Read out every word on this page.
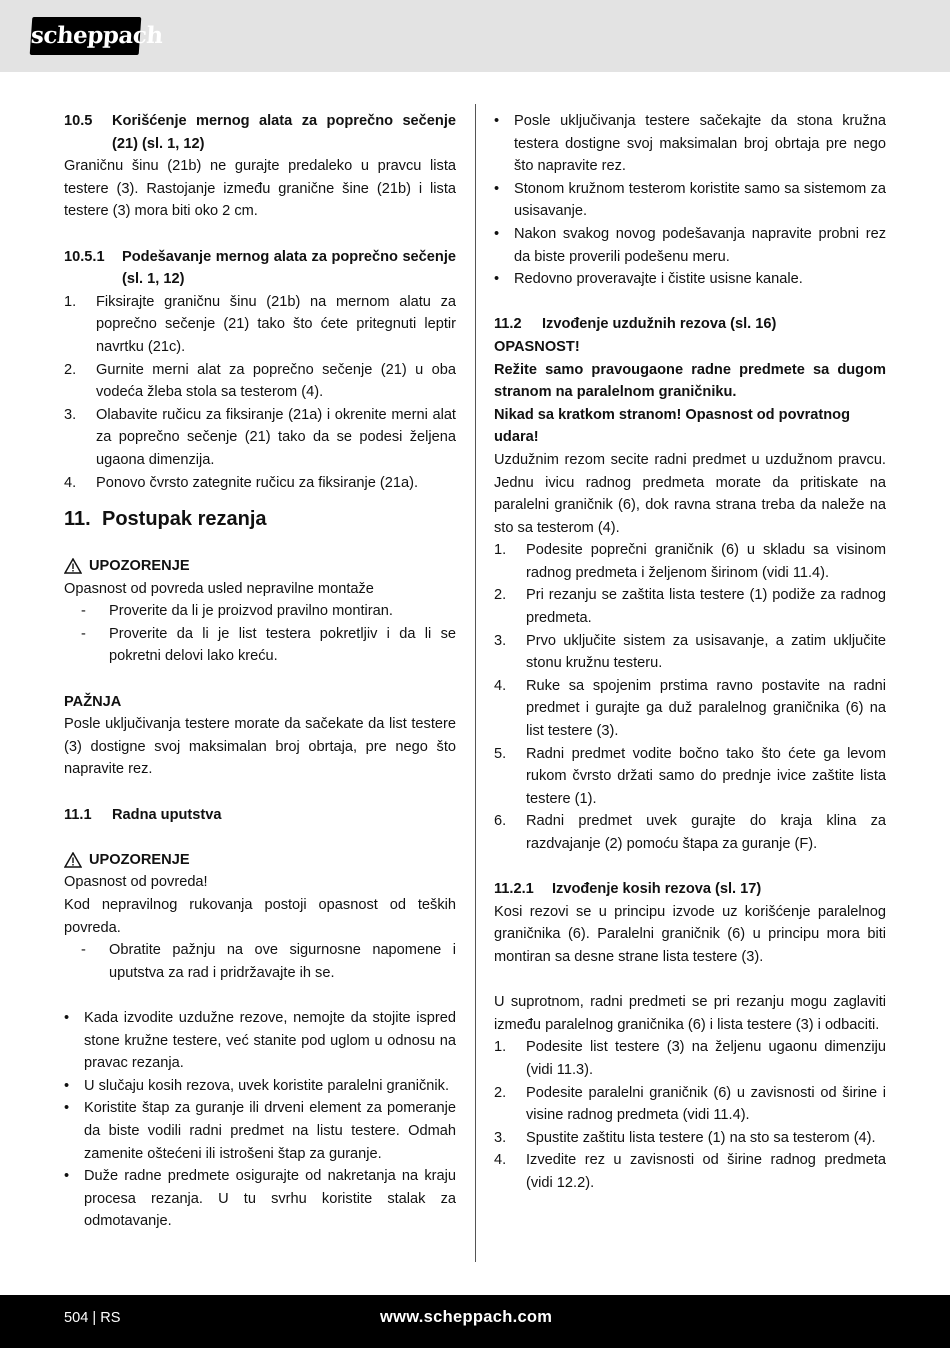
scheppach
10.5	Korišćenje mernog alata za poprečno sečenje (21) (sl. 1, 12)

Graničnu šinu (21b) ne gurajte predaleko u pravcu lista testere (3). Rastojanje između granične šine (21b) i lista testere (3) mora biti oko 2 cm.

10.5.1	Podešavanje mernog alata za poprečno sečenje (sl. 1, 12)
1.	Fiksirajte graničnu šinu (21b) na mernom alatu za poprečno sečenje (21) tako što ćete pritegnuti leptir navrtku (21c).
2.	Gurnite merni alat za poprečno sečenje (21) u oba vodeća žleba stola sa testerom (4).
3.	Olabavite ručicu za fiksiranje (21a) i okrenite merni alat za poprečno sečenje (21) tako da se podesi željena ugaona dimenzija.
4.	Ponovo čvrsto zategnite ručicu za fiksiranje (21a).
11. Postupak rezanja
UPOZORENJE

Opasnost od povreda usled nepravilne montaže

-	Proverite da li je proizvod pravilno montiran.
-	Proverite da li je list testera pokretljiv i da li se pokretni delovi lako kreću.

PAŽNJA

Posle uključivanja testere morate da sačekate da list testere (3) dostigne svoj maksimalan broj obrtaja, pre nego što napravite rez.

11.1	Radna uputstva
UPOZORENJE

Opasnost od povreda!

Kod nepravilnog rukovanja postoji opasnost od teških povreda.

-	Obratite pažnju na ove sigurnosne napomene i uputstva za rad i pridržavajte ih se.
•	Kada izvodite uzdužne rezove, nemojte da stojite ispred stone kružne testere, već stanite pod uglom u odnosu na pravac rezanja.
•	U slučaju kosih rezova, uvek koristite paralelni graničnik.
•	Koristite štap za guranje ili drveni element za pomeranje da biste vodili radni predmet na listu testere. Odmah zamenite oštećeni ili istrošeni štap za guranje.
•	Duže radne predmete osigurajte od nakretanja na kraju procesa rezanja. U tu svrhu koristite stalak za odmotavanje.
•	Posle uključivanja testere sačekajte da stona kružna testera dostigne svoj maksimalan broj obrtaja pre nego što napravite rez.
•	Stonom kružnom testerom koristite samo sa sistemom za usisavanje.
•	Nakon svakog novog podešavanja napravite probni rez da biste proverili podešenu meru.
•	Redovno proveravajte i čistite usisne kanale.
11.2	Izvođenje uzdužnih rezova (sl. 16)

OPASNOST!

Režite samo pravougaone radne predmete sa dugom stranom na paralelnom graničniku.

Nikad sa kratkom stranom! Opasnost od povratnog udara!

Uzdužnim rezom secite radni predmet u uzdužnom pravcu. Jednu ivicu radnog predmeta morate da pritiskate na paralelni graničnik (6), dok ravna strana treba da naleže na sto sa testerom (4).

1.	Podesite poprečni graničnik (6) u skladu sa visinom radnog predmeta i željenom širinom (vidi 11.4).
2.	Pri rezanju se zaštita lista testere (1) podiže za radnog predmeta.
3.	Prvo uključite sistem za usisavanje, a zatim uključite stonu kružnu testeru.
4.	Ruke sa spojenim prstima ravno postavite na radni predmet i gurajte ga duž paralelnog graničnika (6) na list testere (3).
5.	Radni predmet vodite bočno tako što ćete ga levom rukom čvrsto držati samo do prednje ivice zaštite lista testere (1).
6.	Radni predmet uvek gurajte do kraja klina za razdvajanje (2) pomoću štapa za guranje (F).
11.2.1	Izvođenje kosih rezova (sl. 17)

Kosi rezovi se u principu izvode uz korišćenje paralelnog graničnika (6). Paralelni graničnik (6) u principu mora biti montiran sa desne strane lista testere (3).

U suprotnom, radni predmeti se pri rezanju mogu zaglaviti između paralelnog graničnika (6) i lista testere (3) i odbaciti.

1.	Podesite list testere (3) na željenu ugaonu dimenziju (vidi 11.3).
2.	Podesite paralelni graničnik (6) u zavisnosti od širine i visine radnog predmeta (vidi 11.4).
3.	Spustite zaštitu lista testere (1) na sto sa testerom (4).
4.	Izvedite rez u zavisnosti od širine radnog predmeta (vidi 12.2).
504 | RS	www.scheppach.com
